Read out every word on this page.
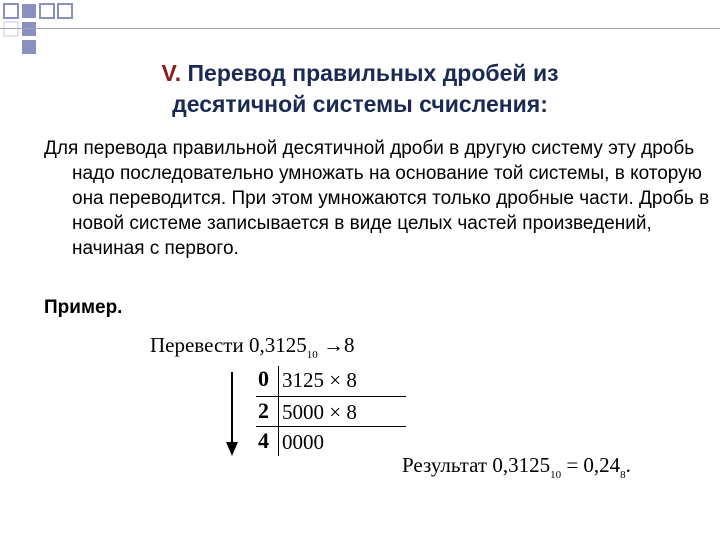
V. Перевод правильных дробей из
десятичной системы счисления:
Для перевода правильной десятичной дроби в другую систему эту дробь надо последовательно умножать на основание той системы, в которую она переводится. При этом умножаются только дробные части. Дробь в новой системе записывается в виде целых частей произведений, начиная с первого.
Пример.
Перевести $0,3125_{10} \to 8$
0 3125 × 8
2 5000 × 8
4 0000
Результат $0,3125_{10} = 0,24_8$.
